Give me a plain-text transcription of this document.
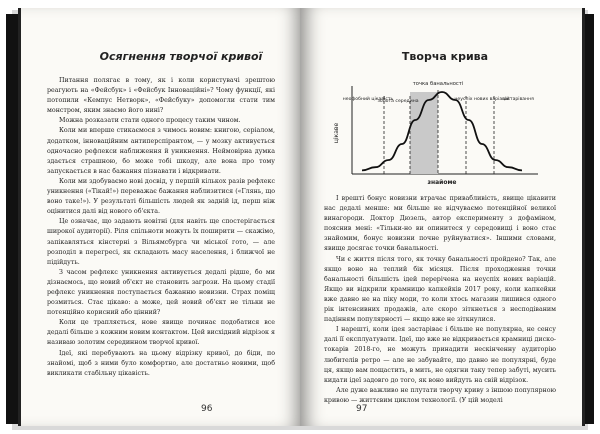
Осягнення творчої кривої

Питання полягає в тому, як і коли користувачі зрештою реагують на «Фейсбук» і «Фейсбук Інноваційні»? Чому функції, які потопили «Кемпус Нетворк», «Фейсбуку» допомогли стати тим монстром, яким знаємо його нині?

Можна розказати стати одного процесу таким чином.

Коли ми вперше стикаємося з чимось новим: книгою, серіалом, додатком, інноваційним антиперспірантом, — у мозку активується одночасно рефлекси наближення й уникнення. Неймовірна думка здається страшною, бо може тобі шкоду, але вона про тому запускається в нас бажання пізнавати і відкривати.

Коли ми здобуваємо нові досвід, у першій кількох разів рефлекс уникнення («Тікай!») переважає бажання наблизитися («Глянь, що воно таке!»). У результаті більшість людей як задній ід, перш ніж оцінитися далі від нового об'єкта.

Це означає, що задають новітні (для навіть ще спостерігається широкої аудиторії). Ріля спільноти можуть їх поширити — скажімо, запікавляться кінстерні з Вільямсбурга чи міської гото, — але розподіл в перегресі, як складають масу населення, і ближчої не підійдуть.

З часом рефлекс уникнення активується дедалі рідше, бо ми дізнаємось, що новий об'єкт не становить загрози. На цьому стадії рефлекс уникнення поступається бажанню новизни. Страх поміщ розмиться. Стає цікаво: а може, цей новий об'єкт не тільки не потенційно корисний або цінний?

Коли це трапляється, нове явище починає подобатися все дедалі більше з кожним новим контактом. Цей висхідний відрізок я називаю золотим серединном творчої кривої.

Ідеї, які перебувають на цьому відрізку кривої, до біди, по знайомі, щоб з ними було комфортно, але достатньо новими, щоб викликати стабільну цікавість.

96
Творча крива
цікаве
знайоме
точка банальності
неофобний цікавість
золота середина	неуспіх нових варіацій
застарівання

І врешті бонус новизни втрачає привабливість, явище цікавити нас дедалі менше: ми більше не відчуваємо потенційної великої винагороди. Доктор Дюзель, автор експерименту з дофаміном, пояснив мені: «Тільки-но ви опинитеся у середовищі і воно стає знайомим, бонус новизни почне руйнуватися». Іншими словами, явище досягає точки банальності.

Чи є життя після того, як точку банальності пройдено? Так, але якщо воно на теплий бік місяця. Після проходження точки банальності більшість ідей перерічена на неуспіх нових варіацій. Якщо ви відкрили крамницю капкейків 2017 року, коли капкейки вже давно не на піку моди, то коли хтось магазин лишився одного рік інтенсивних продажів, але скоро зіткнеться з несподіваним падінням популярності — якщо вже не зіткнулися.

І нарешті, коли ідея застаріває і більше не популярна, не сенсу далі її експлуатувати. Ідеї, що вже не відкривається крамниці диско-токарів 2018-го, не можуть принадити нескінченну аудиторію любителів ретро — але не забувайте, що давно не популярні, буде ця, якщо вам пощастить, в мить, не одягни таку тепер забуті, мусить кидати ідеї задовго до того, як воно вийдуть на свій відрізок.

Але дуже важливо не плутати творчу криву з іншою популярною кривою — життєвим циклом технології. (У цій моделі

97
